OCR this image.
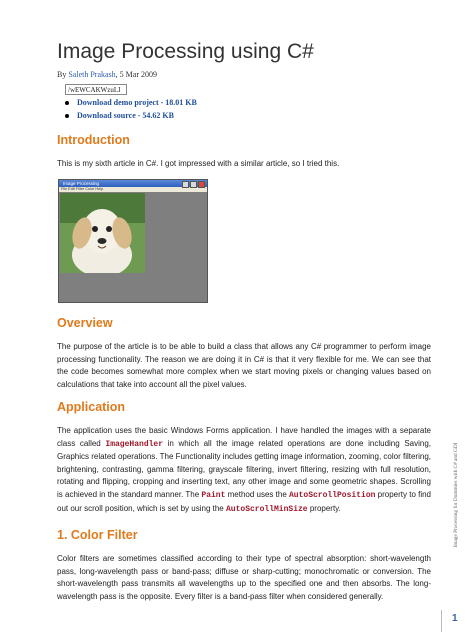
Image Processing using C#
By Saleth Prakash, 5 Mar 2009
/wEWCAKWzuLI
Download demo project - 18.01 KB
Download source - 54.62 KB
Introduction
This is my sixth article in C#. I got impressed with a similar article, so I tried this.
Image Processing
File Edit Filter Color Help
Overview
The purpose of the article is to be able to build a class that allows any C# programmer to perform image processing functionality. The reason we are doing it in C# is that it very flexible for me. We can see that the code becomes somewhat more complex when we start moving pixels or changing values based on calculations that take into account all the pixel values.
Application
The application uses the basic Windows Forms application. I have handled the images with a separate class called ImageHandler in which all the image related operations are done including Saving, Graphics related operations. The Functionality includes getting image information, zooming, color filtering, brightening, contrasting, gamma filtering, grayscale filtering, invert filtering, resizing with full resolution, rotating and flipping, cropping and inserting text, any other image and some geometric shapes. Scrolling is achieved in the standard manner. The Paint method uses the AutoScrollPosition property to find out our scroll position, which is set by using the AutoScrollMinSize property.
1. Color Filter
Color filters are sometimes classified according to their type of spectral absorption: short-wavelength pass, long-wavelength pass or band-pass; diffuse or sharp-cutting; monochromatic or conversion. The short-wavelength pass transmits all wavelengths up to the specified one and then absorbs. The long-wavelength pass is the opposite. Every filter is a band-pass filter when considered generally.
Image Processing for Dummies with C# and GDI
1
